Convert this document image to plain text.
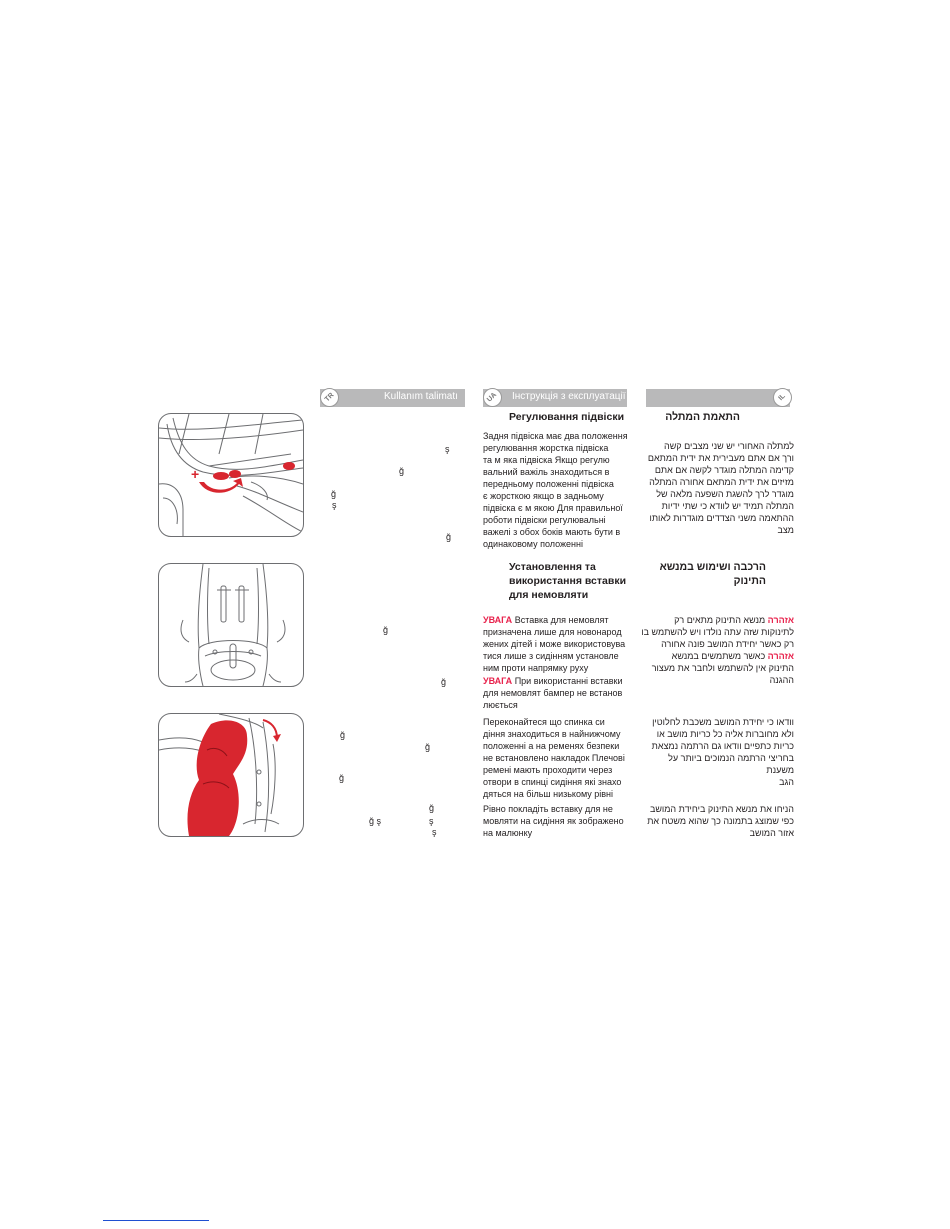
Kullanım talimatı
TR	Інструкція з експлуатації
UA	IL
+
ş
ğ
ğ
ş
ğ
ğ
ğ
ğ
ğ
ğ
ğ ş	ş
ş
ğ
Регулювання підвіски
Задня підвіска має два положення
регулювання жорстка підвіска
та м яка підвіска Якщо регулю
вальний важіль знаходиться в
передньому положенні підвіска
є жорсткою якщо в задньому
підвіска є м якою Для правильної
роботи підвіски регулювальні
важелі з обох боків мають бути в
одинаковому положенні
Установлення та
використання вставки
для немовляти
УВАГА Вставка для немовлят
призначена лише для новонарод
жених дітей і може використовува
тися лише з сидінням установле
ним проти напрямку руху
УВАГА При використанні вставки
для немовлят бампер не встанов
люється
Переконайтеся що спинка си
діння знаходиться в найнижчому
положенні а на ременях безпеки
не встановлено накладок Плечові
ремені мають проходити через
отвори в спинці сидіння які знахо
дяться на більш низькому рівні
Рівно покладіть вставку для не
мовляти на сидіння як зображено
на малюнку
התאמת המתלה
למתלה האחורי יש שני מצבים קשה
ורך אם אתם מעבירית את ידית המתאם
קדימה המתלה מוגדר לקשה אם אתם
מזיזים את ידית המתאם אחורה המתלה
מוגדר לרך להשגת השפעה מלאה של
המתלה תמיד יש לוודא כי שתי ידיות
ההתאמה משני הצדדים מוגדרות לאותו
מצב
הרכבה ושימוש במנשא
התינוק
אזהרה מנשא התינוק מתאים רק
לתינוקות שזה עתה נולדו ויש להשתמש בו
רק כאשר יחידת המושב פונה אחורה
אזהרה כאשר משתמשים במנשא
התינוק אין להשתמש ולחבר את מעצור
ההגנה
וודאו כי יחידת המושב משכבת לחלוטין
ולא מחוברות אליה כל כריות מושב או
כריות כתפיים וודאו גם הרתמה נמצאת
בחריצי הרתמה הנמוכים ביותר על משענת
הגב
הניחו את מנשא התינוק ביחידת המושב
כפי שמוצג בתמונה כך שהוא משטח את
אזור המושב
